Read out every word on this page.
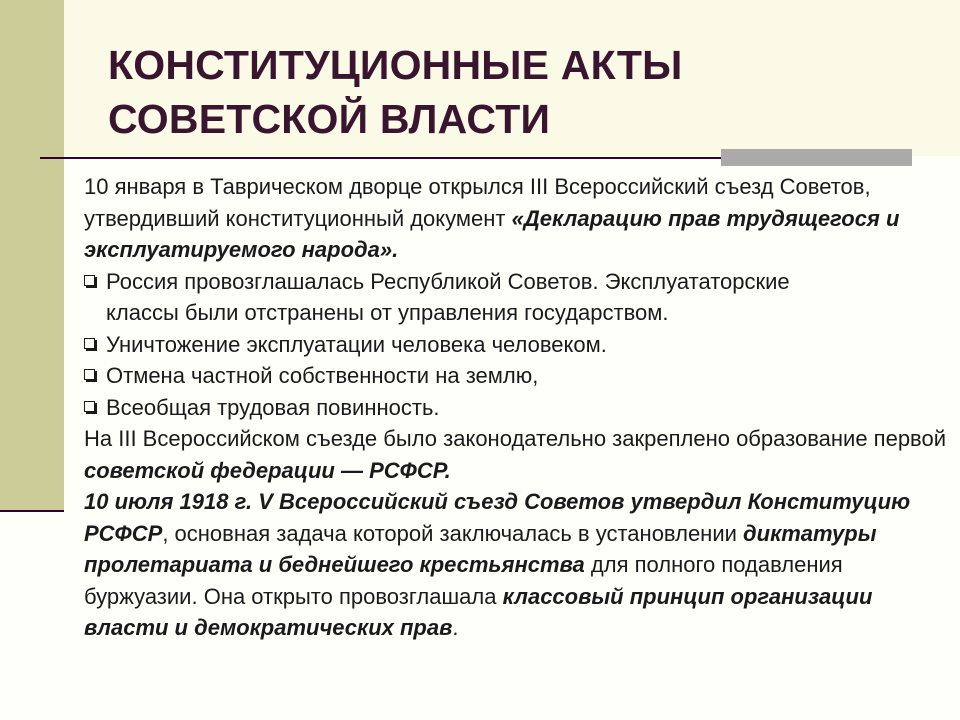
КОНСТИТУЦИОННЫЕ АКТЫ
СОВЕТСКОЙ ВЛАСТИ

10 января в Таврическом дворце открылся III Всероссийский съезд Советов, утвердивший конституционный документ «Декларацию прав трудящегося и эксплуатируемого народа».

Россия провозглашалась Республикой Советов. Эксплуататорские
классы были отстранены от управления государством.
Уничтожение эксплуатации человека человеком.
Отмена частной собственности на землю,
Всеобщая трудовая повинность.

На III Всероссийском съезде было законодательно закреплено образование первой советской федерации — РСФСР.

10 июля 1918 г. V Всероссийский съезд Советов утвердил Конституцию РСФСР, основная задача которой заключалась в установлении диктатуры пролетариата и беднейшего крестьянства для полного подавления буржуазии. Она открыто провозглашала классовый принцип организации власти и демократических прав.
